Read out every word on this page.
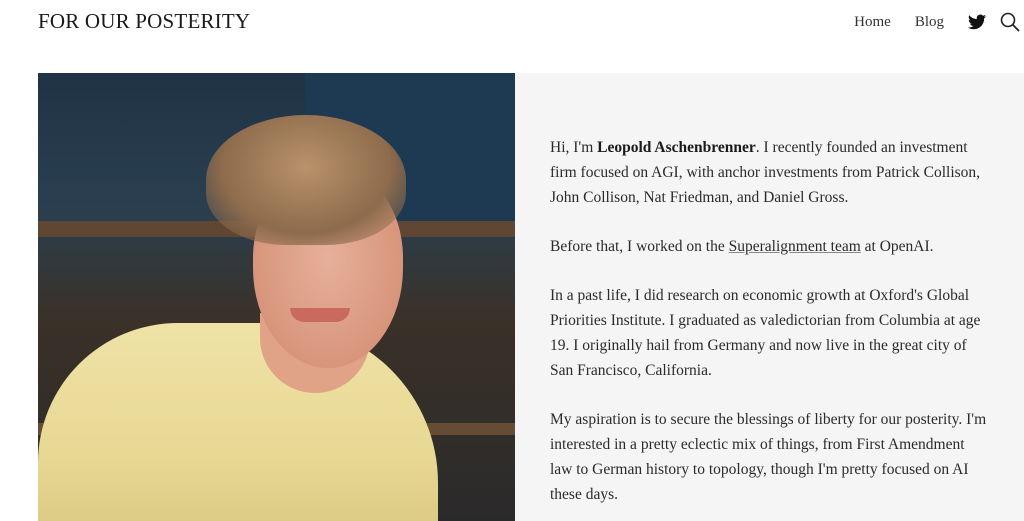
FOR OUR POSTERITY	Home Blog

Hi, I'm Leopold Aschenbrenner. I recently founded an investment firm focused on AGI, with anchor investments from Patrick Collison, John Collison, Nat Friedman, and Daniel Gross.

Before that, I worked on the Superalignment team at OpenAI.

In a past life, I did research on economic growth at Oxford's Global Priorities Institute. I graduated as valedictorian from Columbia at age 19. I originally hail from Germany and now live in the great city of San Francisco, California.

My aspiration is to secure the blessings of liberty for our posterity. I'm interested in a pretty eclectic mix of things, from First Amendment law to German history to topology, though I'm pretty focused on AI these days.
